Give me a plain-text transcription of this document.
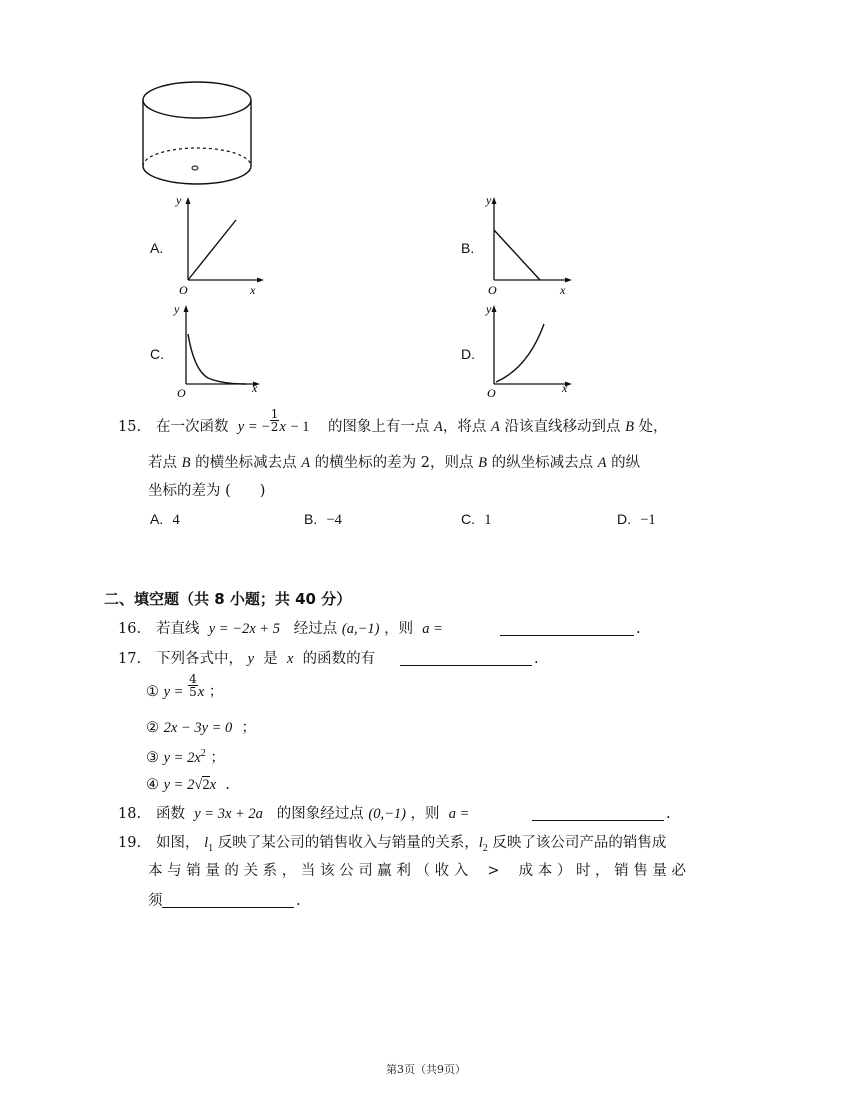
A.
y
x
O
B.
y
x
O
C.
y
x
O
D.
y
x
O
15. 在一次函数 y = − $\frac{1}{2}$ x − 1 的图象上有一点 A，将点 A 沿该直线移动到点 B 处，
若点 B 的横坐标减去点 A 的横坐标的差为 2，则点 B 的纵坐标减去点 A 的纵
坐标的差为 (　　)
A. 4	B. −4	C. 1	D. −1
二、填空题（共 8 小题；共 40 分）
16. 若直线 y = −2x + 5 经过点 (a,−1) ，则 a =	.
17. 下列各式中， y 是 x 的函数的有	.
① $y = \frac{4}{5}$ x ；
② 2x − 3y = 0 ；
③ $y = 2x^2$ ；
④ y = 2√2x .
18. 函数 y = 3x + 2a 的图象经过点 (0,−1) ，则 a =	.
19. 如图， $l_1$ 反映了某公司的销售收入与销量的关系，$l_2$ 反映了该公司产品的销售成
本 与 销 量 的 关 系 ， 当 该 公 司 赢 利 （ 收 入　 >　 成 本 ） 时 ， 销 售 量 必
须	.
第3页（共9页）
